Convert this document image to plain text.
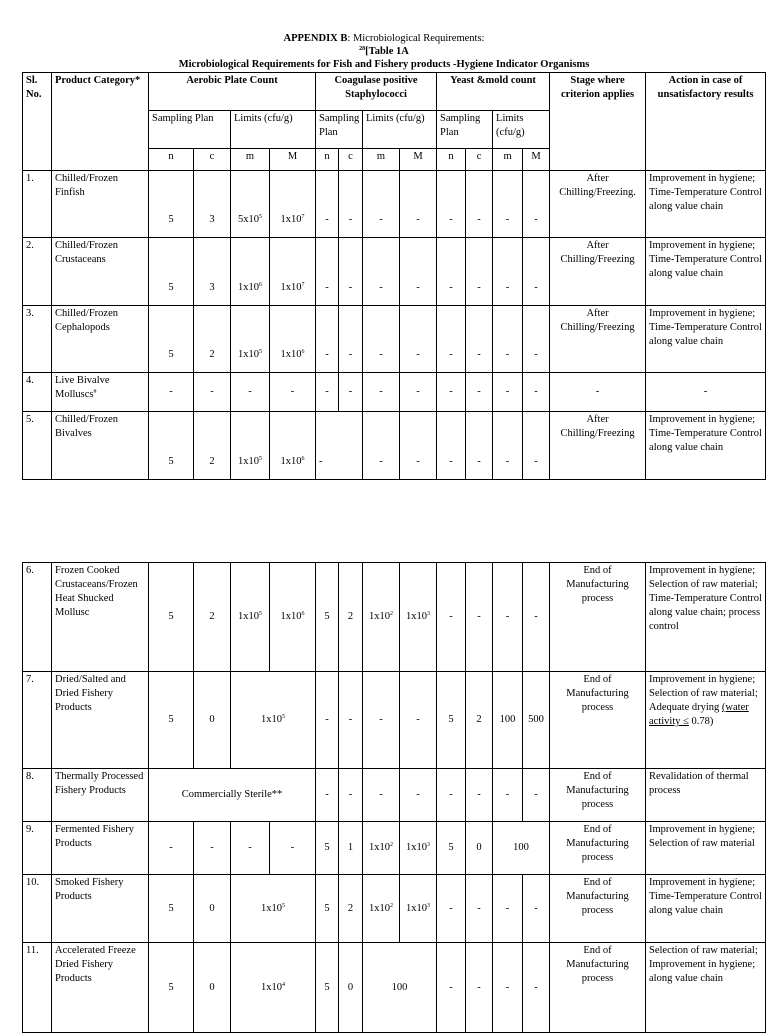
APPENDIX B: Microbiological Requirements:
$^{28}$[Table 1A
Microbiological Requirements for Fish and Fishery products -Hygiene Indicator Organisms
Sl. No.	Product Category*	Aerobic Plate Count				Coagulase positive Staphylococci				Yeast &mold count				Stage where criterion applies	Action in case of unsatisfactory results
		Sampling Plan		Limits (cfu/g)		Sampling Plan		Limits (cfu/g)		Sampling Plan		Limits (cfu/g)			
		n	c	m	M	n	c	m	M	n	c	m	M		
1.	Chilled/Frozen Finfish	5	3	$5x10^5$	$1x10^7$	-	-	-	-	-	-	-	-	After Chilling/Freezing.	Improvement in hygiene; Time-Temperature Control along value chain
2.	Chilled/Frozen Crustaceans	5	3	$1x10^6$	$1x10^7$	-	-	-	-	-	-	-	-	After Chilling/Freezing	Improvement in hygiene; Time-Temperature Control along value chain
3.	Chilled/Frozen Cephalopods	5	2	$1x10^5$	$1x10^6$	-	-	-	-	-	-	-	-	After Chilling/Freezing	Improvement in hygiene; Time-Temperature Control along value chain
4.	Live Bivalve Molluscs#	-	-	-	-	-	-	-	-	-	-	-	-	-	-
5.	Chilled/Frozen Bivalves	5	2	$1x10^5$	$1x10^6$	-		-	-	-	-	-	-	After Chilling/Freezing	Improvement in hygiene; Time-Temperature Control along value chain
6.	Frozen Cooked Crustaceans/Frozen Heat Shucked Mollusc	5	2	$1x10^5$	$1x10^6$	5	2	$1x10^2$	$1x10^3$	-	-	-	-	End of Manufacturing process	Improvement in hygiene; Selection of raw material; Time-Temperature Control along value chain; process control
7.	Dried/Salted and Dried Fishery Products	5	0	$1x10^5$		-	-	-	-	5	2	100	500	End of Manufacturing process	Improvement in hygiene; Selection of raw material; Adequate drying (water activity ≤ 0.78)
8.	Thermally Processed Fishery Products	Commercially Sterile**				-	-	-	-	-	-	-	-	End of Manufacturing process	Revalidation of thermal process
9.	Fermented Fishery Products	-	-	-	-	5	1	$1x10^2$	$1x10^3$	5	0	100		End of Manufacturing process	Improvement in hygiene; Selection of raw material
10.	Smoked Fishery Products	5	0	$1x10^5$		5	2	$1x10^2$	$1x10^3$	-	-	-	-	End of Manufacturing process	Improvement in hygiene; Time-Temperature Control along value chain
11.	Accelerated Freeze Dried Fishery Products	5	0	$1x10^4$		5	0	100		-	-	-	-	End of Manufacturing process	Selection of raw material; Improvement in hygiene; along value chain
